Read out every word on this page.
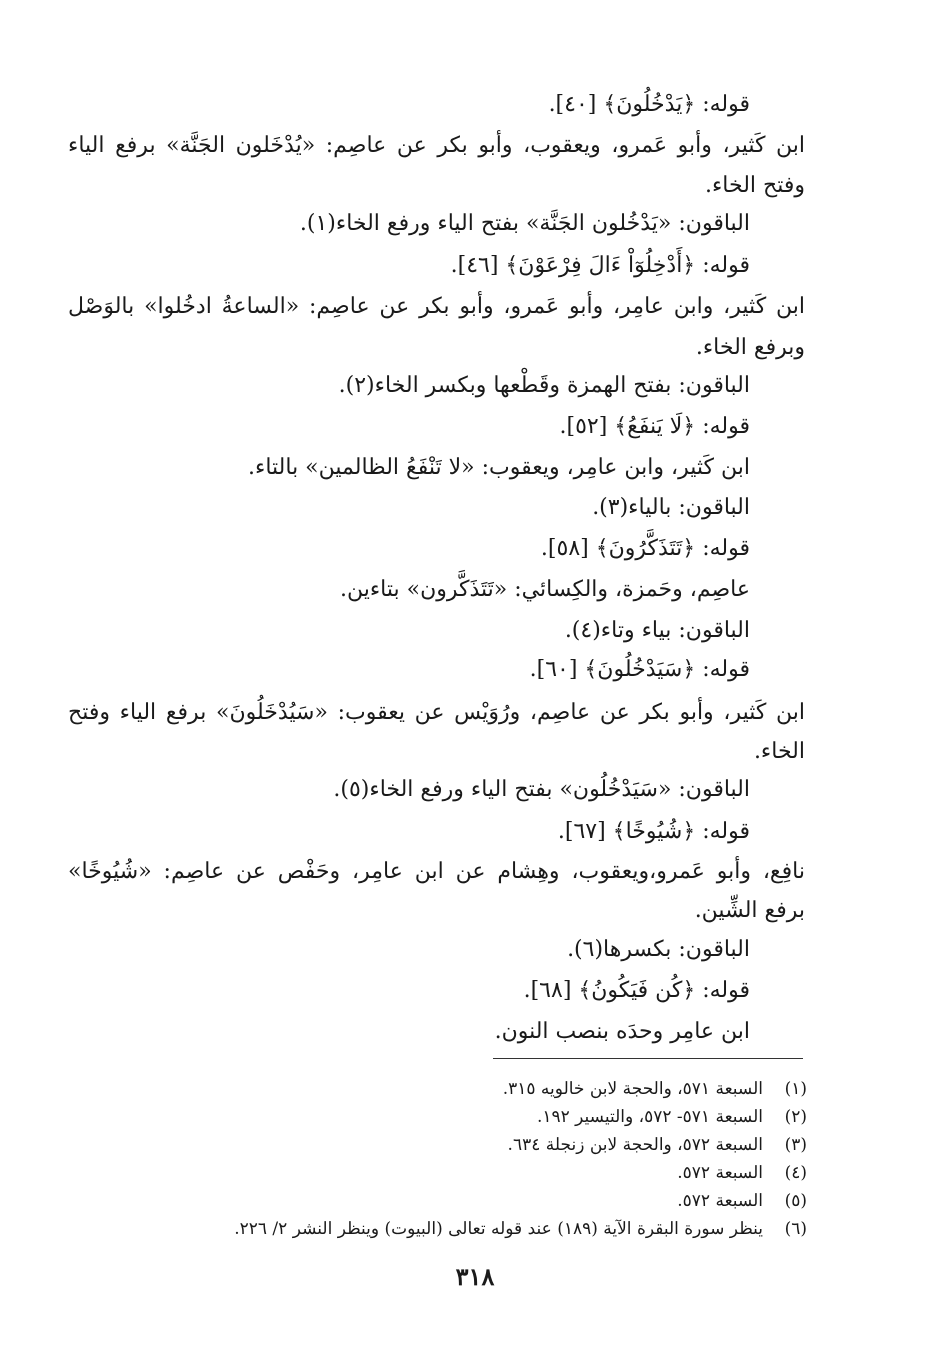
قوله: ﴿يَدْخُلُونَ﴾ [٤٠].
ابن كَثير، وأبو عَمرو، ويعقوب، وأبو بكر عن عاصِم: «يُدْخَلون الجَنَّة» برفع الياء
وفتح الخاء.
الباقون: «يَدْخُلون الجَنَّة» بفتح الياء ورفع الخاء(١).
قوله: ﴿أَدْخِلُوٓاْ ءَالَ فِرْعَوْنَ﴾ [٤٦].
ابن كَثير، وابن عامِر، وأبو عَمرو، وأبو بكر عن عاصِم: «الساعةُ ادخُلوا» بالوَصْل
وبرفع الخاء.
الباقون: بفتح الهمزة وقَطْعها وبكسر الخاء(٢).
قوله: ﴿لَا يَنفَعُ﴾ [٥٢].
ابن كَثير، وابن عامِر، ويعقوب: «لا تَنْفَعُ الظالمين» بالتاء.
الباقون: بالياء(٣).
قوله: ﴿تَتَذَكَّرُونَ﴾ [٥٨].
عاصِم، وحَمزة، والكِسائي: «تَتَذَكَّرون» بتاءين.
الباقون: بياء وتاء(٤).
قوله: ﴿سَيَدْخُلُونَ﴾ [٦٠].
ابن كَثير، وأبو بكر عن عاصِم، ورُوَيْس عن يعقوب: «سَيُدْخَلُونَ» برفع الياء وفتح
الخاء.
الباقون: «سَيَدْخُلُون» بفتح الياء ورفع الخاء(٥).
قوله: ﴿شُيُوخًا﴾ [٦٧].
نافِع، وأبو عَمرو،ويعقوب، وهِشام عن ابن عامِر، وحَفْص عن عاصِم: «شُيُوخًا»
برفع الشِّين.
الباقون: بكسرها(٦).
قوله: ﴿كُن فَيَكُونُ﴾ [٦٨].
ابن عامِر وحدَه بنصب النون.
(١)السبعة ٥٧١، والحجة لابن خالويه ٣١٥.
(٢)السبعة ٥٧١- ٥٧٢، والتيسير ١٩٢.
(٣)السبعة ٥٧٢، والحجة لابن زنجلة ٦٣٤.
(٤)السبعة ٥٧٢.
(٥)السبعة ٥٧٢.
(٦)ينظر سورة البقرة الآية (١٨٩) عند قوله تعالى (البيوت) وينظر النشر ٢/ ٢٢٦.
٣١٨
